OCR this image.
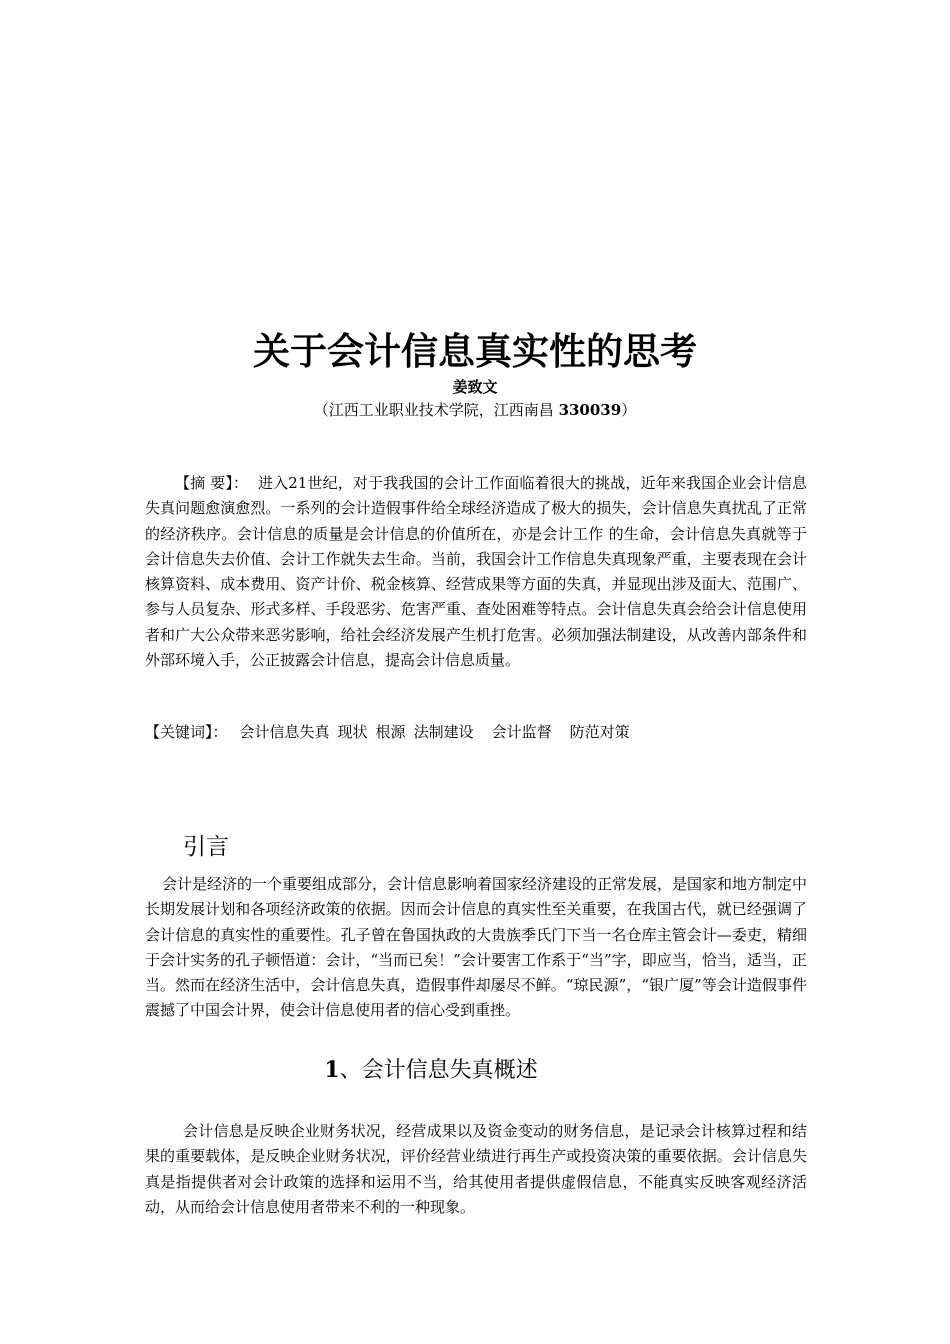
关于会计信息真实性的思考
姜致文
（江西工业职业技术学院，江西南昌 330039）

【摘 要】： 进入21世纪，对于我我国的会计工作面临着很大的挑战，近年来我国企业会计信息失真问题愈演愈烈。一系列的会计造假事件给全球经济造成了极大的损失，会计信息失真扰乱了正常的经济秩序。会计信息的质量是会计信息的价值所在，亦是会计工作 的生命，会计信息失真就等于会计信息失去价值、会计工作就失去生命。当前，我国会计工作信息失真现象严重，主要表现在会计核算资料、成本费用、资产计价、税金核算、经营成果等方面的失真，并显现出涉及面大、范围广、参与人员复杂、形式多样、手段恶劣、危害严重、查处困难等特点。会计信息失真会给会计信息使用者和广大公众带来恶劣影响，给社会经济发展产生机打危害。必须加强法制建设，从改善内部条件和外部环境入手，公正披露会计信息，提高会计信息质量。

【关键词】： 会计信息失真 现状 根源 法制建设 会计监督 防范对策

引言

会计是经济的一个重要组成部分，会计信息影响着国家经济建设的正常发展，是国家和地方制定中长期发展计划和各项经济政策的依据。因而会计信息的真实性至关重要，在我国古代，就已经强调了会计信息的真实性的重要性。孔子曾在鲁国执政的大贵族季氏门下当一名仓库主管会计—委吏，精细于会计实务的孔子顿悟道：会计，“当而已矣！”会计要害工作系于“当”字，即应当，恰当，适当，正当。然而在经济生活中，会计信息失真，造假事件却屡尽不鲜。“琼民源”，“银广厦”等会计造假事件震撼了中国会计界，使会计信息使用者的信心受到重挫。

1、会计信息失真概述

会计信息是反映企业财务状况，经营成果以及资金变动的财务信息，是记录会计核算过程和结果的重要载体，是反映企业财务状况，评价经营业绩进行再生产或投资决策的重要依据。会计信息失真是指提供者对会计政策的选择和运用不当，给其使用者提供虚假信息，不能真实反映客观经济活动，从而给会计信息使用者带来不利的一种现象。
